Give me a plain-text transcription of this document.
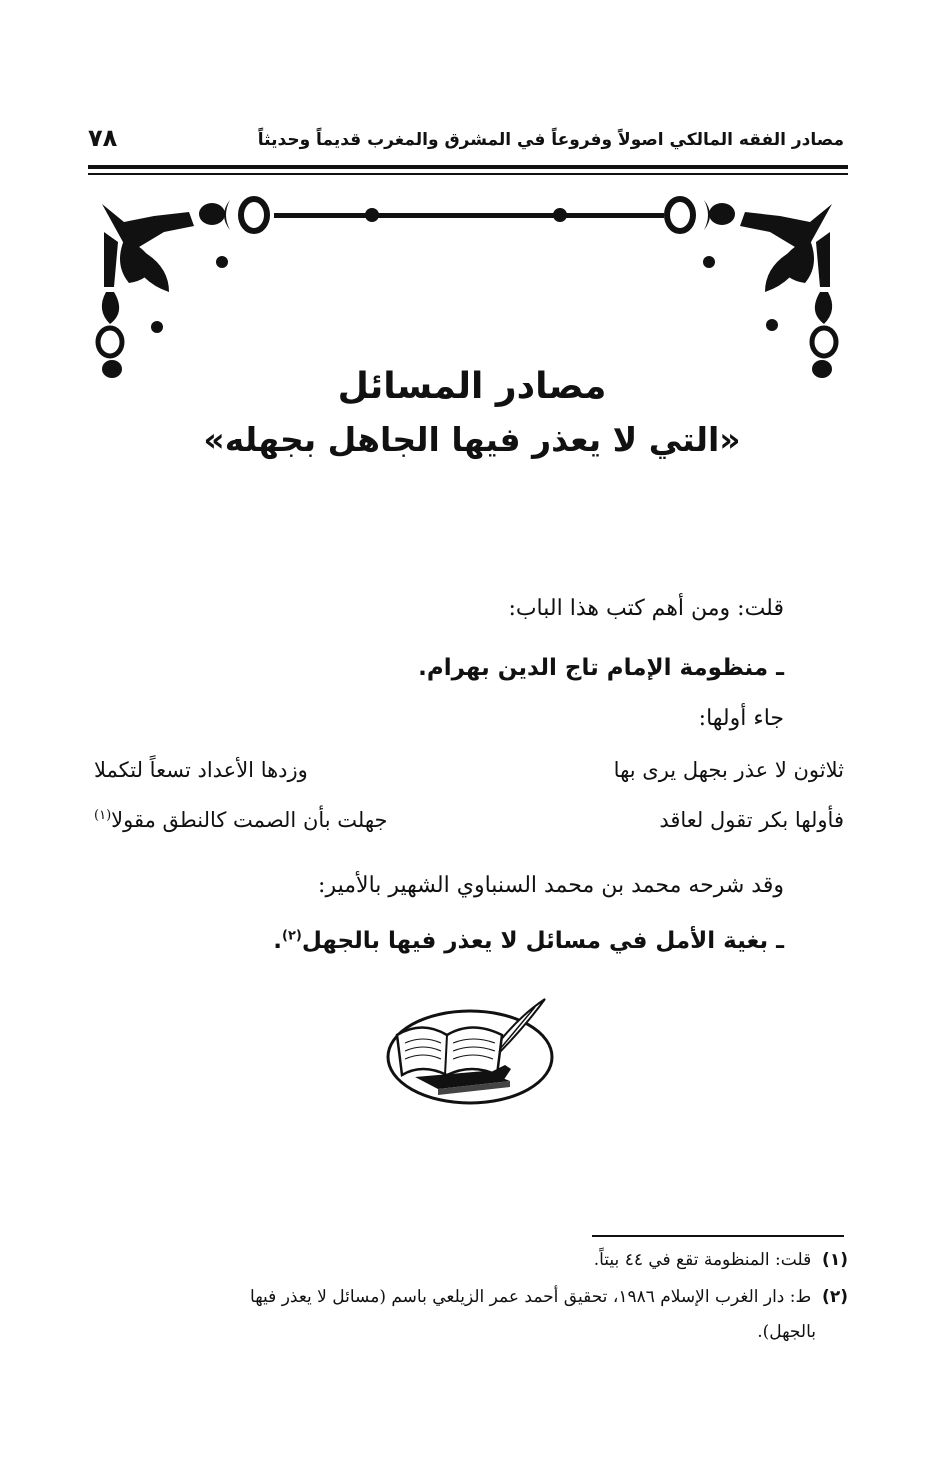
٧٨	مصادر الفقه المالكي اصولاً وفروعاً في المشرق والمغرب قديماً وحديثاً
مصادر المسائل
«التي لا يعذر فيها الجاهل بجهله»
قلت: ومن أهم كتب هذا الباب:
ـ منظومة الإمام تاج الدين بهرام.
جاء أولها:
ثلاثون لا عذر بجهل يرى بها
وزدها الأعداد تسعاً لتكملا
فأولها بكر تقول لعاقد
جهلت بأن الصمت كالنطق مقولا$^{(١)}$
وقد شرحه محمد بن محمد السنباوي الشهير بالأمير:
ـ بغية الأمل في مسائل لا يعذر فيها بالجهل$^{(٢)}$.
(١)  قلت: المنظومة تقع في ٤٤ بيتاً.
(٢)  ط: دار الغرب الإسلام ١٩٨٦، تحقيق أحمد عمر الزيلعي باسم (مسائل لا يعذر فيها
بالجهل).
